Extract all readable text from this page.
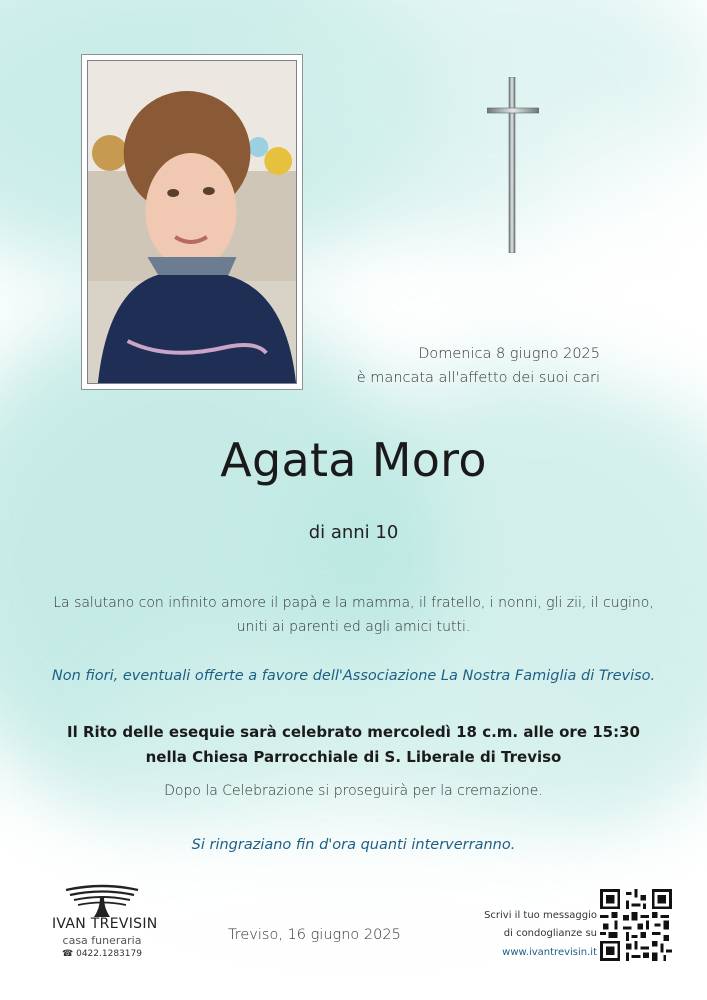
Domenica 8 giugno 2025
è mancata all'affetto dei suoi cari
Agata Moro
di anni 10
La salutano con infinito amore il papà e la mamma, il fratello, i nonni, gli zii, il cugino,
uniti ai parenti ed agli amici tutti.
Non fiori, eventuali offerte a favore dell'Associazione La Nostra Famiglia di Treviso.
Il Rito delle esequie sarà celebrato mercoledì 18 c.m. alle ore 15:30
nella Chiesa Parrocchiale di S. Liberale di Treviso
Dopo la Celebrazione si proseguirà per la cremazione.
Si ringraziano fin d'ora quanti interverranno.
IVAN TREVISIN
casa funeraria
☎ 0422.1283179
Treviso, 16 giugno 2025
Scrivi il tuo messaggio
di condoglianze su
www.ivantrevisin.it
